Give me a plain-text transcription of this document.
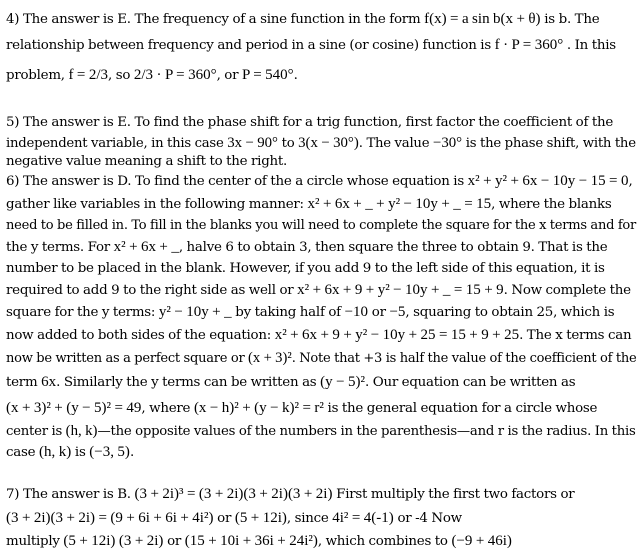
4) The answer is E. The frequency of a sine function in the form f(x) = a sin b(x + θ) is b. The
relationship between frequency and period in a sine (or cosine) function is f · P = 360° . In this
problem, f = 2/3, so 2/3 · P = 360°, or P = 540°.
5) The answer is E. To find the phase shift for a trig function, first factor the coefficient of the
independent variable, in this case 3x − 90° to 3(x − 30°). The value −30° is the phase shift, with the
negative value meaning a shift to the right.
6) The answer is D. To find the center of the a circle whose equation is x² + y² + 6x − 10y − 15 = 0,
gather like variables in the following manner: x² + 6x + _ + y² − 10y + _ = 15, where the blanks
need to be filled in. To fill in the blanks you will need to complete the square for the x terms and for
the y terms. For x² + 6x + _, halve 6 to obtain 3, then square the three to obtain 9. That is the
number to be placed in the blank. However, if you add 9 to the left side of this equation, it is
required to add 9 to the right side as well or x² + 6x + 9 + y² − 10y + _ = 15 + 9. Now complete the
square for the y terms: y² − 10y + _ by taking half of −10 or −5, squaring to obtain 25, which is
now added to both sides of the equation: x² + 6x + 9 + y² − 10y + 25 = 15 + 9 + 25. The x terms can
now be written as a perfect square or (x + 3)². Note that +3 is half the value of the coefficient of the
term 6x. Similarly the y terms can be written as (y − 5)². Our equation can be written as
(x + 3)² + (y − 5)² = 49, where (x − h)² + (y − k)² = r² is the general equation for a circle whose
center is (h, k)—the opposite values of the numbers in the parenthesis—and r is the radius. In this
case (h, k) is (−3, 5).
7) The answer is B. (3 + 2i)³ = (3 + 2i)(3 + 2i)(3 + 2i) First multiply the first two factors or
(3 + 2i)(3 + 2i) = (9 + 6i + 6i + 4i²) or (5 + 12i), since 4i² = 4(-1) or -4 Now
multiply (5 + 12i) (3 + 2i) or (15 + 10i + 36i + 24i²), which combines to (−9 + 46i)
